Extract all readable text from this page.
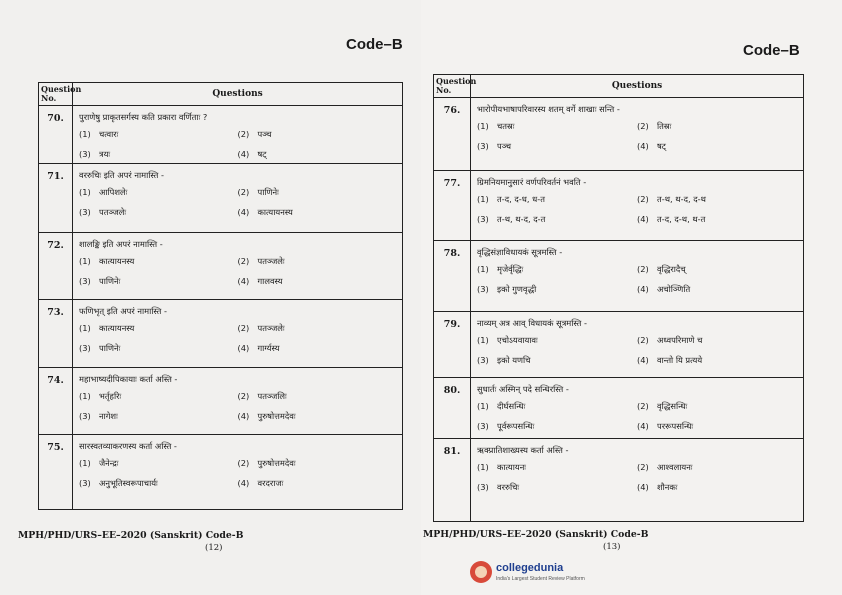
Code–B
Question No.	Questions
70.	पुराणेषु प्राकृतसर्गस्य कति प्रकारा वर्णिताः ?
(1) चत्वारः (2) पञ्च
(3) त्रयः (4) षट्

71.	वररुचिः इति अपरं नामास्ति -
(1) आपिशलेः (2) पाणिनेः
(3) पतञ्जलेः (4) कात्यायनस्य

72.	शालङ्कि इति अपरं नामास्ति -
(1) कात्यायनस्य (2) पतञ्जलेः
(3) पाणिनेः (4) गालवस्य

73.	फणिभृत् इति अपरं नामास्ति -
(1) कात्यायनस्य (2) पतञ्जलेः
(3) पाणिनेः (4) गार्ग्यस्य

74.	महाभाष्यदीपिकायाः कर्ता अस्ति -
(1) भर्तृहरिः (2) पतञ्जलिः
(3) नागेशः (4) पुरुषोत्तमदेवः

75.	सारस्वतव्याकरणस्य कर्ता अस्ति -
(1) जैनेन्द्रः (2) पुरुषोत्तमदेवः
(3) अनुभूतिस्वरूपाचार्यः (4) वरदराजः
MPH/PHD/URS–EE–2020 (Sanskrit) Code-B
(12)
Code–B
Question No.	Questions
76.	भारोपीयभाषापरिवारस्य शतम् वर्गे शाखाः सन्ति -
(1) चतस्रः (2) तिस्रः
(3) पञ्च (4) षट्

77.	ग्रिमनियमानुसारं वर्णपरिवर्तनं भवति -
(1) त-द, द-ध, ध-त (2) त-थ, थ-द, द-थ
(3) त-थ, थ-द, द-त (4) त-द, द-थ, थ-त

78.	वृद्धिसंज्ञाविधायकं सूत्रमस्ति -
(1) मृजेर्वृद्धिः (2) वृद्धिरादैच्
(3) इको गुणवृद्धी (4) अचोञ्णिति

79.	नाव्यम् अत्र आव् विधायकं सूत्रमस्ति -
(1) एचोऽयवायावः (2) अध्वपरिमाणे च
(3) इको यणचि (4) वान्तो यि प्रत्यये

80.	सुधार्तः अस्मिन् पदे सन्धिरस्ति -
(1) दीर्घसन्धिः (2) वृद्धिसन्धिः
(3) पूर्वरूपसन्धिः (4) पररूपसन्धिः

81.	ऋक्प्रातिशाख्यस्य कर्ता अस्ति -
(1) कात्यायनः (2) आश्वलायनः
(3) वररुचिः (4) शौनकः
MPH/PHD/URS–EE–2020 (Sanskrit) Code-B
(13)
collegedunia
India's Largest Student Review Platform
